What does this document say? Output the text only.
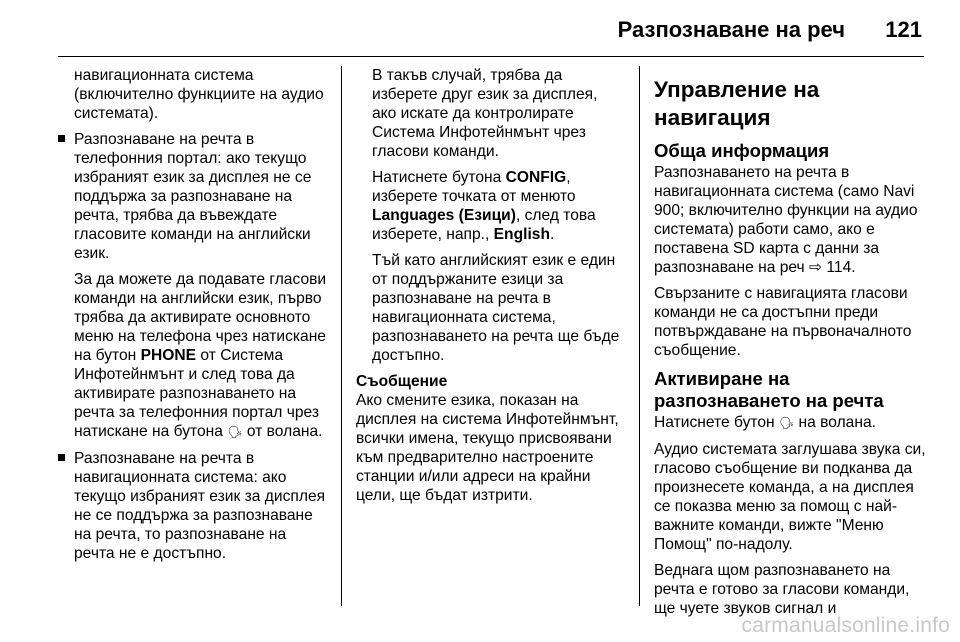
Разпознаване на реч 121

навигационната система (включително функциите на аудио системата).

Разпознаване на речта в телефонния портал: ако текущо избраният език за дисплея не се поддържа за разпознаване на речта, трябва да въвеждате гласовите команди на английски език.

За да можете да подавате гласови команди на английски език, първо трябва да активирате основното меню на телефона чрез натискане на бутон PHONE от Система Инфотейнмънт и след това да активирате разпознаването на речта за телефонния портал чрез натискане на бутона 🗣︎ от волана.

Разпознаване на речта в навигационната система: ако текущо избраният език за дисплея не се поддържа за разпознаване на речта, то разпознаване на речта не е достъпно.

В такъв случай, трябва да изберете друг език за дисплея, ако искате да контролирате Система Инфотейнмънт чрез гласови команди.

Натиснете бутона CONFIG, изберете точката от менюто Languages (Езици), след това изберете, напр., English.

Тъй като английският език е един от поддържаните езици за разпознаване на речта в навигационната система, разпознаването на речта ще бъде достъпно.

Съобщение

Ако смените езика, показан на дисплея на система Инфотейнмънт, всички имена, текущо присвоявани към предварително настроените станции и/или адреси на крайни цели, ще бъдат изтрити.

Управление на навигация

Обща информация

Разпознаването на речта в навигационната система (само Navi 900; включително функции на аудио системата) работи само, ако е поставена SD карта с данни за разпознаване на реч ⇨ 114.

Свързаните с навигацията гласови команди не са достъпни преди потвърждаване на първоначалното съобщение.

Активиране на разпознаването на речта

Натиснете бутон 🗣︎ на волана.

Аудио системата заглушава звука си, гласово съобщение ви подканва да произнесете команда, а на дисплея се показва меню за помощ с най-важните команди, вижте "Меню Помощ" по-надолу.

Веднага щом разпознаването на речта е готово за гласови команди, ще чуете звуков сигнал и

carmanualsonline.info
